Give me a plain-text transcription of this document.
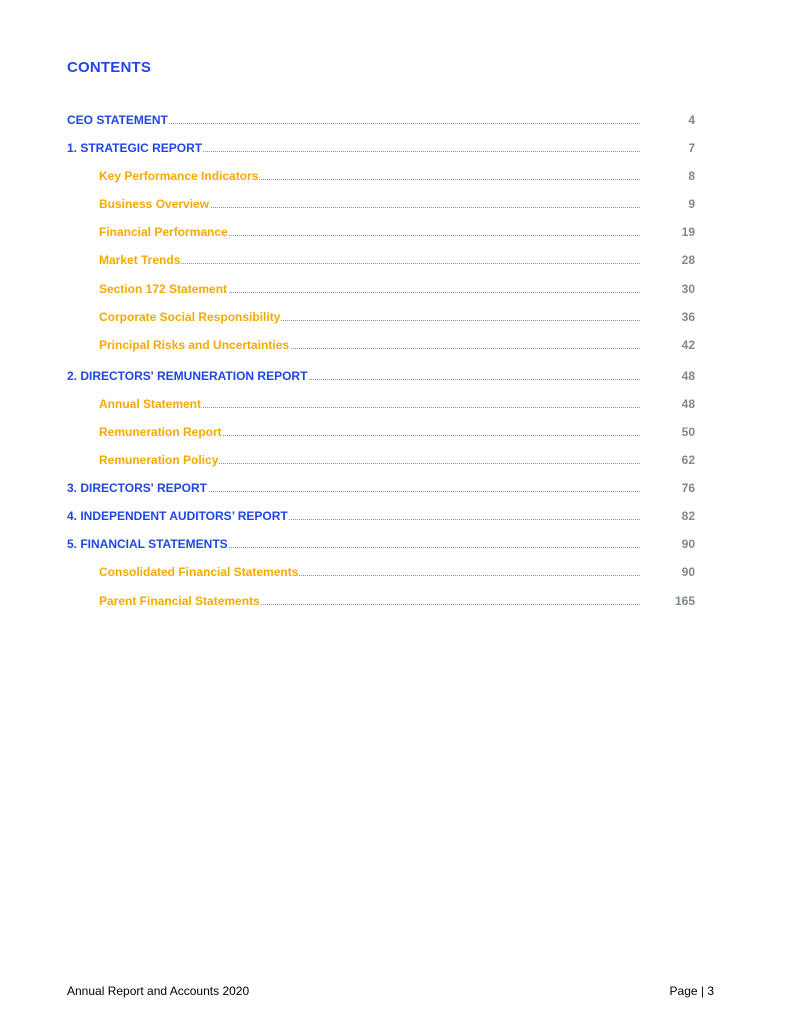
CONTENTS
CEO STATEMENT	4
1. STRATEGIC REPORT	7
Key Performance Indicators	8
Business Overview	9
Financial Performance	19
Market Trends	28
Section 172 Statement	30
Corporate Social Responsibility	36
Principal Risks and Uncertainties	42
2. DIRECTORS' REMUNERATION REPORT	48
Annual Statement	48
Remuneration Report	50
Remuneration Policy	62
3. DIRECTORS' REPORT	76
4. INDEPENDENT AUDITORS’ REPORT	82
5. FINANCIAL STATEMENTS	90
Consolidated Financial Statements	90
Parent Financial Statements	165
Annual Report and Accounts 2020	Page | 3
